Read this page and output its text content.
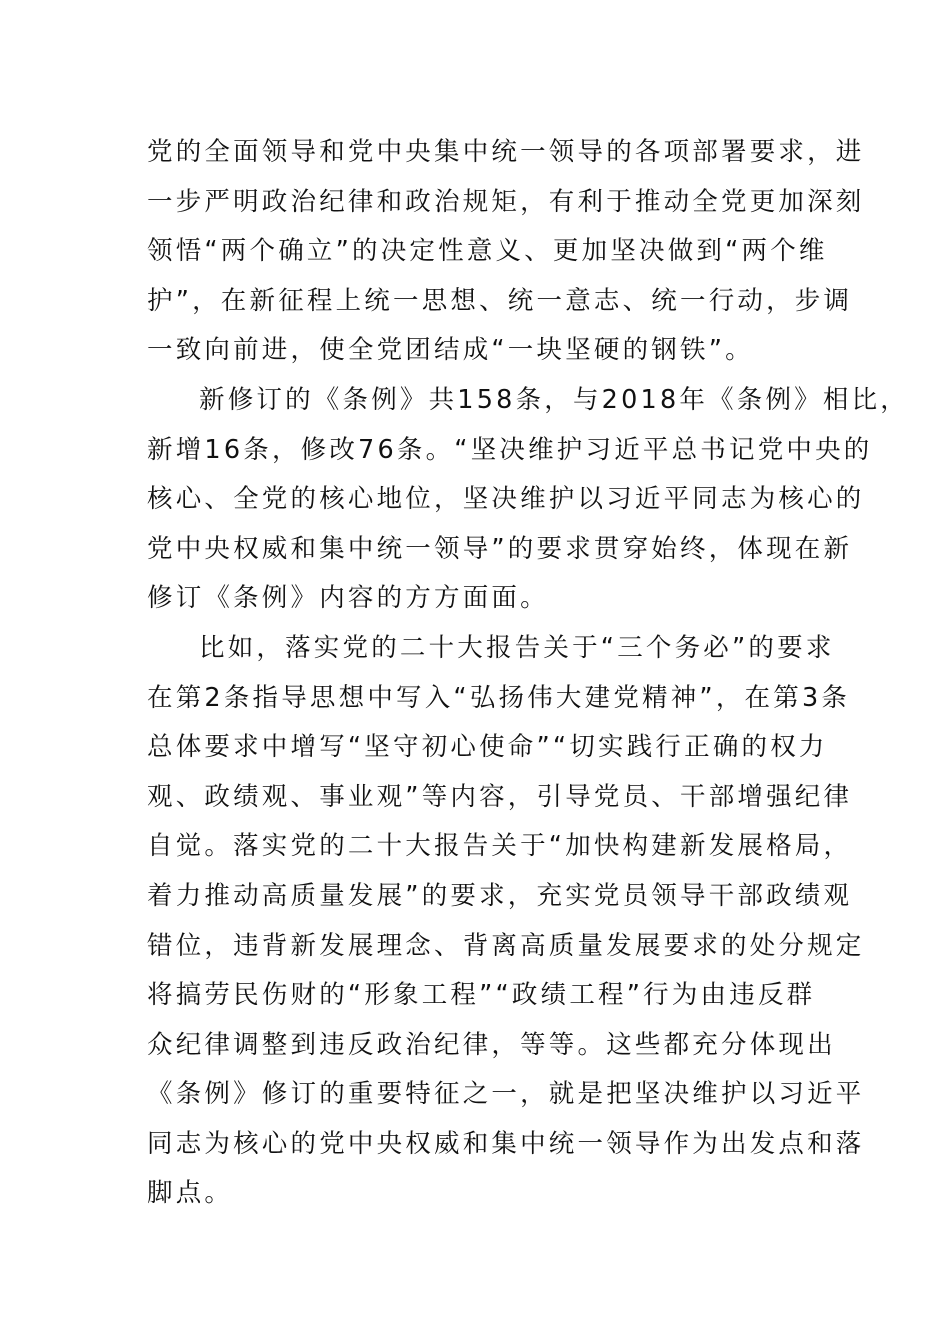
党的全面领导和党中央集中统一领导的各项部署要求，进
一步严明政治纪律和政治规矩，有利于推动全党更加深刻
领悟“两个确立”的决定性意义、更加坚决做到“两个维
护”，在新征程上统一思想、统一意志、统一行动，步调
一致向前进，使全党团结成“一块坚硬的钢铁”。
新修订的《条例》共158条，与2018年《条例》相比，
新增16条，修改76条。“坚决维护习近平总书记党中央的
核心、全党的核心地位，坚决维护以习近平同志为核心的
党中央权威和集中统一领导”的要求贯穿始终，体现在新
修订《条例》内容的方方面面。
比如，落实党的二十大报告关于“三个务必”的要求
在第2条指导思想中写入“弘扬伟大建党精神”，在第3条
总体要求中增写“坚守初心使命”“切实践行正确的权力
观、政绩观、事业观”等内容，引导党员、干部增强纪律
自觉。落实党的二十大报告关于“加快构建新发展格局，
着力推动高质量发展”的要求，充实党员领导干部政绩观
错位，违背新发展理念、背离高质量发展要求的处分规定
将搞劳民伤财的“形象工程”“政绩工程”行为由违反群
众纪律调整到违反政治纪律，等等。这些都充分体现出
《条例》修订的重要特征之一，就是把坚决维护以习近平
同志为核心的党中央权威和集中统一领导作为出发点和落
脚点。
